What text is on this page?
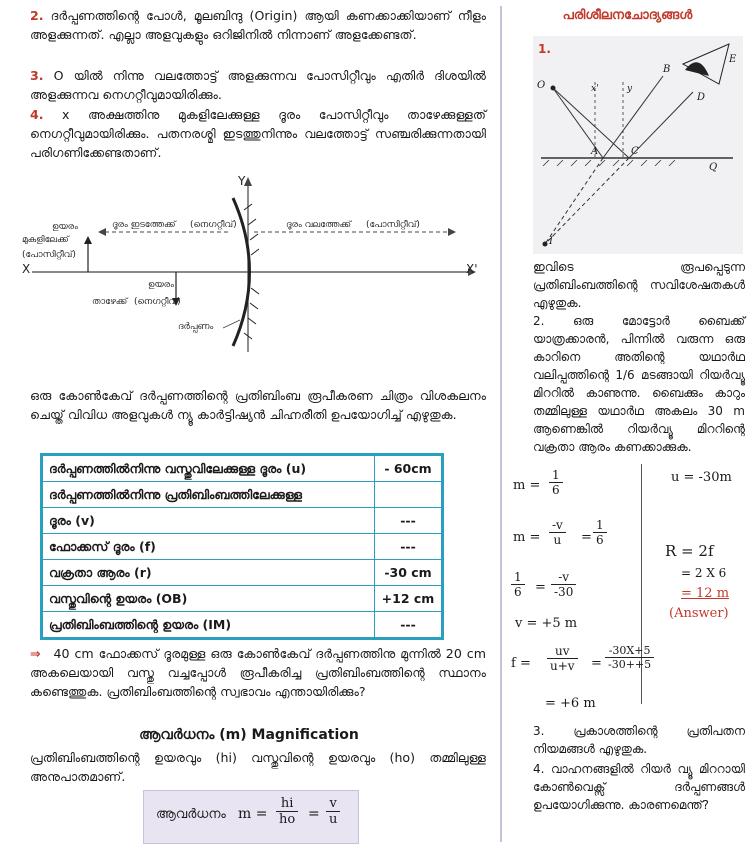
2. ദർപ്പണത്തിന്റെ പോൾ, മൂലബിന്ദു (Origin) ആയി കണക്കാക്കിയാണ് നീളം അളക്കുന്നത്. എല്ലാ അളവുകളും ഒറിജിനിൽ നിന്നാണ് അളക്കേണ്ടത്.

3. O യിൽ നിന്നു വലത്തോട്ട് അളക്കുന്നവ പോസിറ്റീവും എതിർ ദിശയിൽ അളക്കുന്നവ നെഗറ്റീവുമായിരിക്കും.

4. x അക്ഷത്തിനു മുകളിലേക്കുള്ള ദൂരം പോസിറ്റീവും താഴേക്കുള്ളത് നെഗറ്റീവുമായിരിക്കും. പതനരശ്മി ഇടത്തുനിന്നും വലത്തോട്ട് സഞ്ചരിക്കുന്നതായി പരിഗണിക്കേണ്ടതാണ്.

Y
X	X'
ഉയരം
മുകളിലേക്ക്
(പോസിറ്റീവ്)
ദൂരം ഇടത്തേക്ക് (നെഗറ്റീവ്)	ദൂരം വലത്തേക്ക് (പോസിറ്റീവ്)
ഉയരം
താഴേക്ക് (നെഗറ്റീവ്)
ദർപ്പണം

ഒരു കോൺകേവ് ദർപ്പണത്തിന്റെ പ്രതിബിംബ രൂപീകരണ ചിത്രം വിശകലനം ചെയ്ത് വിവിധ അളവുകൾ ന്യൂ കാർട്ടിഷ്യൻ ചിഹ്നരീതി ഉപയോഗിച്ച് എഴുതുക.

ദർപ്പണത്തിൽനിന്നു വസ്തുവിലേക്കുള്ള ദൂരം (u)	- 60cm
ദർപ്പണത്തിൽനിന്നു പ്രതിബിംബത്തിലേക്കുള്ള	
ദൂരം (v)	---
ഫോക്കസ് ദൂരം (f)	---
വക്രതാ ആരം (r)	-30 cm
വസ്തുവിന്റെ ഉയരം (OB)	+12 cm
പ്രതിബിംബത്തിന്റെ ഉയരം (IM)	---

⇒ 40 cm ഫോക്കസ് ദൂരമുള്ള ഒരു കോൺകേവ് ദർപ്പണത്തിനു മുന്നിൽ 20 cm അകലെയായി വസ്തു വച്ചപ്പോൾ രൂപീകരിച്ച പ്രതിബിംബത്തിന്റെ സ്ഥാനം കണ്ടെത്തുക. പ്രതിബിംബത്തിന്റെ സ്വഭാവം എന്തായിരിക്കും?

ആവർധനം (m) Magnification

പ്രതിബിംബത്തിന്റെ ഉയരവും (hi) വസ്തുവിന്റെ ഉയരവും (ho) തമ്മിലുള്ള അനുപാതമാണ്.

ആവർധനം $m = \frac{hi}{ho} = \frac{v}{u}$
പരിശീലനചോദ്യങ്ങൾ
1.
O	x'	y
B
E
D
A	C
Q
I

ഇവിടെ രൂപപ്പെടുന്ന പ്രതിബിംബത്തിന്റെ സവിശേഷതകൾ എഴുതുക.

2. ഒരു മോട്ടോർ ബൈക്ക് യാത്രക്കാരൻ, പിന്നിൽ വരുന്ന ഒരു കാറിനെ അതിന്റെ യഥാർഥ വലിപ്പത്തിന്റെ 1/6 മടങ്ങായി റിയർവ്യൂ മിററിൽ കാണുന്നു. ബൈക്കും കാറും തമ്മിലുള്ള യഥാർഥ അകലം 30 m ആണെങ്കിൽ റിയർവ്യൂ മിററിന്റെ വക്രതാ ആരം കണക്കാക്കുക.

$m = \frac{1}{6}$	u = -30m
$m = \frac{-v}{u} = \frac{1}{6}$
R = 2f
= 2 X 6
= 12 m
(Answer)
$\frac{1}{6} = \frac{-v}{-30}$
v = +5 m
$f = \frac{uv}{u+v} = \frac{-30X+5}{-30++5}$
= +6 m

3. പ്രകാശത്തിന്റെ പ്രതിപതന നിയമങ്ങൾ എഴുതുക.

4. വാഹനങ്ങളിൽ റിയർ വ്യൂ മിററായി കോൺവെക്സ് ദർപ്പണങ്ങൾ ഉപയോഗിക്കുന്നു. കാരണമെന്ത്?
